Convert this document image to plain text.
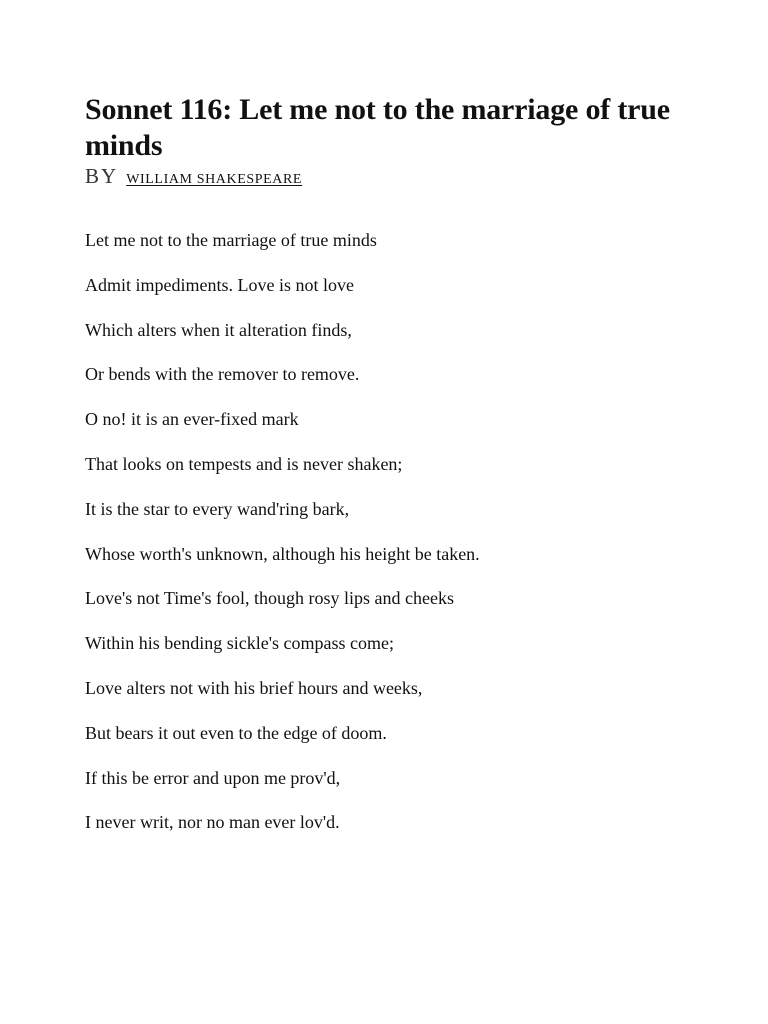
Sonnet 116: Let me not to the marriage of true minds
BY WILLIAM SHAKESPEARE

Let me not to the marriage of true minds

Admit impediments. Love is not love

Which alters when it alteration finds,

Or bends with the remover to remove.

O no! it is an ever-fixed mark

That looks on tempests and is never shaken;

It is the star to every wand'ring bark,

Whose worth's unknown, although his height be taken.

Love's not Time's fool, though rosy lips and cheeks

Within his bending sickle's compass come;

Love alters not with his brief hours and weeks,

But bears it out even to the edge of doom.

If this be error and upon me prov'd,

I never writ, nor no man ever lov'd.
